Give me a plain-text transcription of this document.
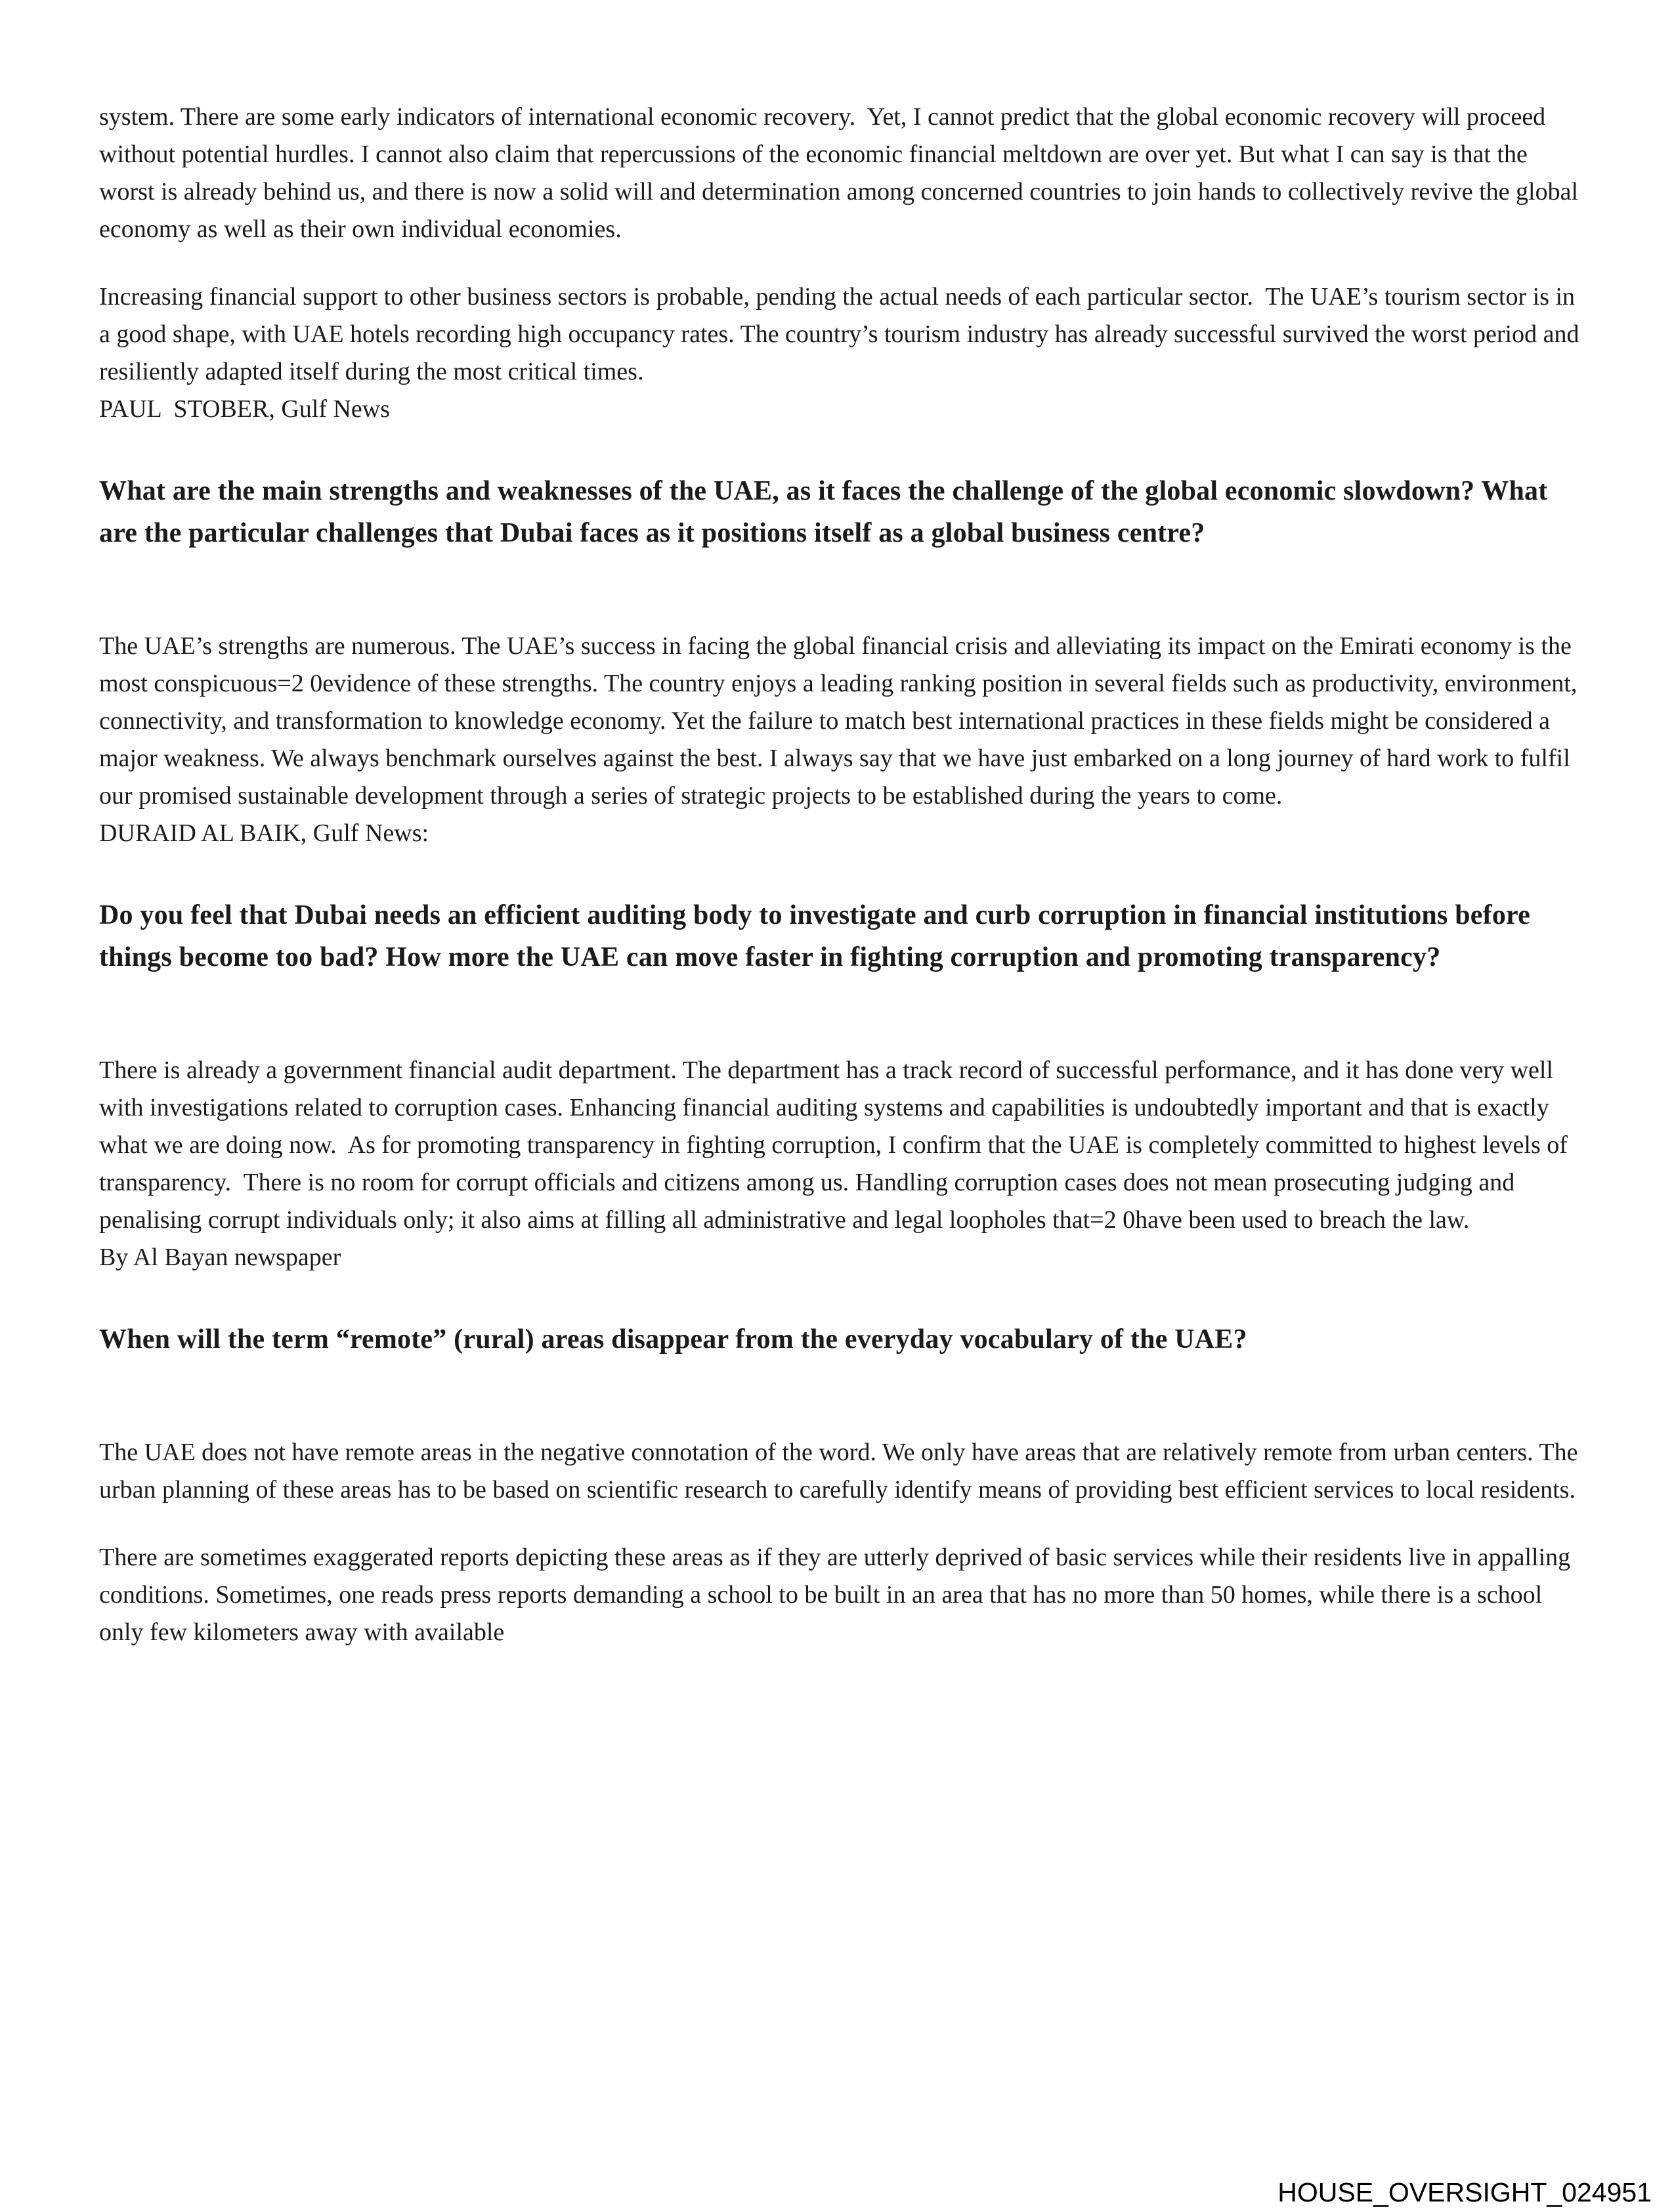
system. There are some early indicators of international economic recovery.  Yet, I cannot predict that the global economic recovery will proceed without potential hurdles. I cannot also claim that repercussions of the economic financial meltdown are over yet. But what I can say is that the worst is already behind us, and there is now a solid will and determination among concerned countries to join hands to collectively revive the global economy as well as their own individual economies.

Increasing financial support to other business sectors is probable, pending the actual needs of each particular sector.  The UAE’s tourism sector is in a good shape, with UAE hotels recording high occupancy rates. The country’s tourism industry has already successful survived the worst period and resiliently adapted itself during the most critical times.

PAUL  STOBER, Gulf News

What are the main strengths and weaknesses of the UAE, as it faces the challenge of the global economic slowdown? What are the particular challenges that Dubai faces as it positions itself as a global business centre?

The UAE’s strengths are numerous. The UAE’s success in facing the global financial crisis and alleviating its impact on the Emirati economy is the most conspicuous=2 0evidence of these strengths. The country enjoys a leading ranking position in several fields such as productivity, environment, connectivity, and transformation to knowledge economy. Yet the failure to match best international practices in these fields might be considered a major weakness. We always benchmark ourselves against the best. I always say that we have just embarked on a long journey of hard work to fulfil our promised sustainable development through a series of strategic projects to be established during the years to come.

DURAID AL BAIK, Gulf News:

Do you feel that Dubai needs an efficient auditing body to investigate and curb corruption in financial institutions before things become too bad? How more the UAE can move faster in fighting corruption and promoting transparency?

There is already a government financial audit department. The department has a track record of successful performance, and it has done very well with investigations related to corruption cases. Enhancing financial auditing systems and capabilities is undoubtedly important and that is exactly what we are doing now.  As for promoting transparency in fighting corruption, I confirm that the UAE is completely committed to highest levels of transparency.  There is no room for corrupt officials and citizens among us. Handling corruption cases does not mean prosecuting judging and penalising corrupt individuals only; it also aims at filling all administrative and legal loopholes that=2 0have been used to breach the law.

By Al Bayan newspaper

When will the term “remote” (rural) areas disappear from the everyday vocabulary of the UAE?

The UAE does not have remote areas in the negative connotation of the word. We only have areas that are relatively remote from urban centers. The urban planning of these areas has to be based on scientific research to carefully identify means of providing best efficient services to local residents.

There are sometimes exaggerated reports depicting these areas as if they are utterly deprived of basic services while their residents live in appalling conditions. Sometimes, one reads press reports demanding a school to be built in an area that has no more than 50 homes, while there is a school only few kilometers away with available

HOUSE_OVERSIGHT_024951
